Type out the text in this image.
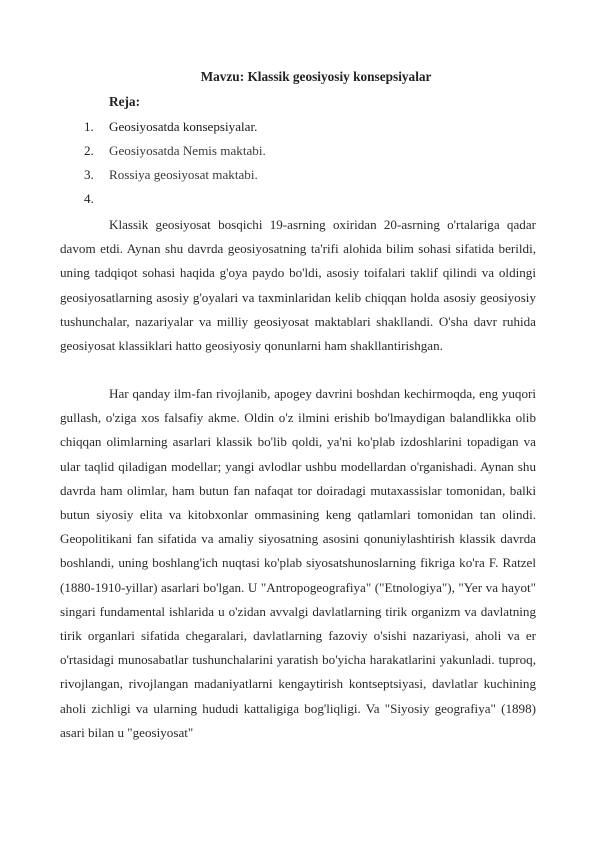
Mavzu: Klassik geosiyosiy konsepsiyalar
Reja:
1.	Geosiyosatda konsepsiyalar.
2.	Geosiyosatda Nemis maktabi.
3.	Rossiya geosiyosat maktabi.
4.

Klassik geosiyosat bosqichi 19-asrning oxiridan 20-asrning o'rtalariga qadar davom etdi. Aynan shu davrda geosiyosatning ta'rifi alohida bilim sohasi sifatida berildi, uning tadqiqot sohasi haqida g'oya paydo bo'ldi, asosiy toifalari taklif qilindi va oldingi geosiyosatlarning asosiy g'oyalari va taxminlaridan kelib chiqqan holda asosiy geosiyosiy tushunchalar, nazariyalar va milliy geosiyosat maktablari shakllandi. O'sha davr ruhida geosiyosat klassiklari hatto geosiyosiy qonunlarni ham shakllantirishgan.

Har qanday ilm-fan rivojlanib, apogey davrini boshdan kechirmoqda, eng yuqori gullash, o'ziga xos falsafiy akme. Oldin o'z ilmini erishib bo'lmaydigan balandlikka olib chiqqan olimlarning asarlari klassik bo'lib qoldi, ya'ni ko'plab izdoshlarini topadigan va ular taqlid qiladigan modellar; yangi avlodlar ushbu modellardan o'rganishadi. Aynan shu davrda ham olimlar, ham butun fan nafaqat tor doiradagi mutaxassislar tomonidan, balki butun siyosiy elita va kitobxonlar ommasining keng qatlamlari tomonidan tan olindi. Geopolitikani fan sifatida va amaliy siyosatning asosini qonuniylashtirish klassik davrda boshlandi, uning boshlang'ich nuqtasi ko'plab siyosatshunoslarning fikriga ko'ra F. Ratzel (1880-1910-yillar) asarlari bo'lgan. U "Antropogeografiya" ("Etnologiya"), "Yer va hayot" singari fundamental ishlarida u o'zidan avvalgi davlatlarning tirik organizm va davlatning tirik organlari sifatida chegaralari, davlatlarning fazoviy o'sishi nazariyasi, aholi va er o'rtasidagi munosabatlar tushunchalarini yaratish bo'yicha harakatlarini yakunladi. tuproq, rivojlangan, rivojlangan madaniyatlarni kengaytirish kontseptsiyasi, davlatlar kuchining aholi zichligi va ularning hududi kattaligiga bog'liqligi. Va "Siyosiy geografiya" (1898) asari bilan u "geosiyosat"
